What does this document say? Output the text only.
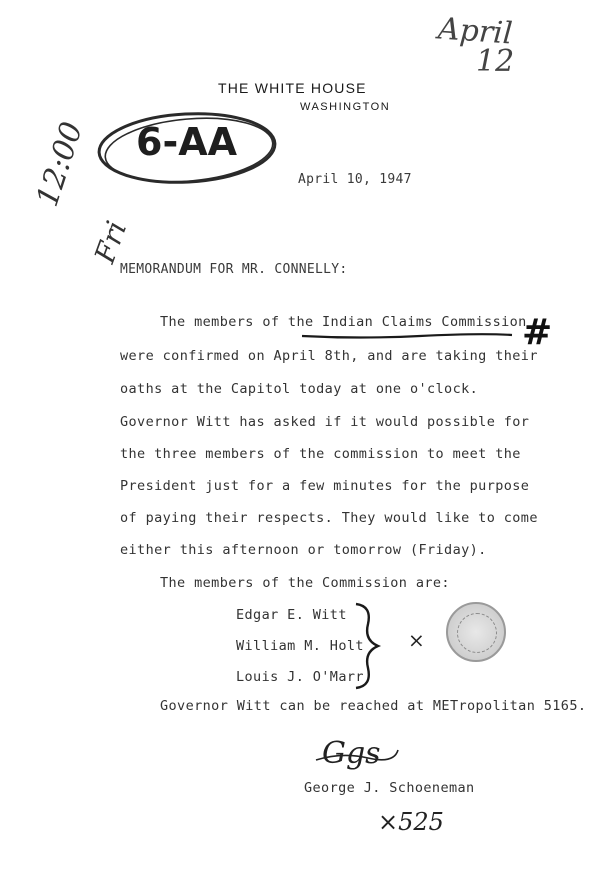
THE WHITE HOUSE
WASHINGTON
April
12
6-AA
12:00
Fri
April 10, 1947
MEMORANDUM FOR MR. CONNELLY:
The members of the Indian Claims Commission
were confirmed on April 8th, and are taking their
oaths at the Capitol today at one o'clock.
Governor Witt has asked if it would possible for
the three members of the commission to meet the
President just for a few minutes for the purpose
of paying their respects. They would like to come
either this afternoon or tomorrow (Friday).
#
The members of the Commission are:
Edgar E. Witt
William M. Holt
Louis J. O'Marr
×
Governor Witt can be reached at METropolitan 5165.
Ggs
George J. Schoeneman
×525
